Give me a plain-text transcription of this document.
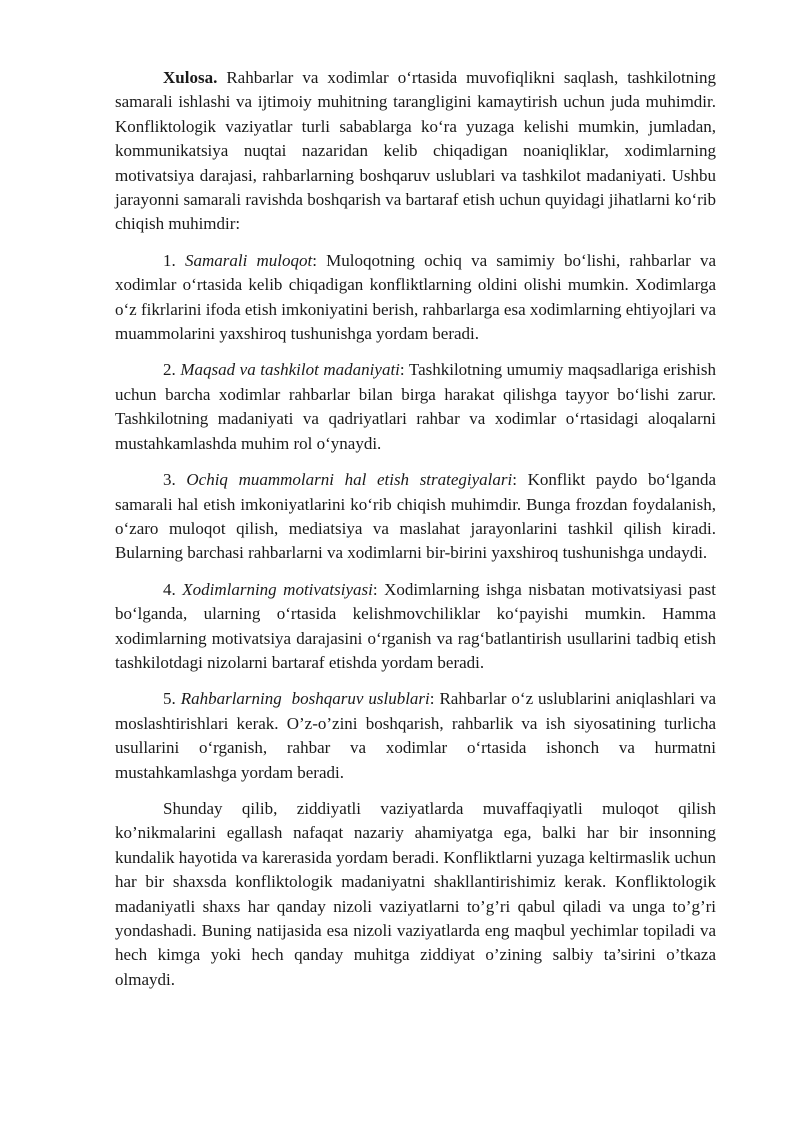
Xulosa. Rahbarlar va xodimlar o‘rtasida muvofiqlikni saqlash, tashkilotning samarali ishlashi va ijtimoiy muhitning tarangligini kamaytirish uchun juda muhimdir. Konfliktologik vaziyatlar turli sabablarga ko‘ra yuzaga kelishi mumkin, jumladan, kommunikatsiya nuqtai nazaridan kelib chiqadigan noaniqliklar, xodimlarning motivatsiya darajasi, rahbarlarning boshqaruv uslublari va tashkilot madaniyati. Ushbu jarayonni samarali ravishda boshqarish va bartaraf etish uchun quyidagi jihatlarni ko‘rib chiqish muhimdir:

1. Samarali muloqot: Muloqotning ochiq va samimiy bo‘lishi, rahbarlar va xodimlar o‘rtasida kelib chiqadigan konfliktlarning oldini olishi mumkin. Xodimlarga o‘z fikrlarini ifoda etish imkoniyatini berish, rahbarlarga esa xodimlarning ehtiyojlari va muammolarini yaxshiroq tushunishga yordam beradi.

2. Maqsad va tashkilot madaniyati: Tashkilotning umumiy maqsadlariga erishish uchun barcha xodimlar rahbarlar bilan birga harakat qilishga tayyor bo‘lishi zarur. Tashkilotning madaniyati va qadriyatlari rahbar va xodimlar o‘rtasidagi aloqalarni mustahkamlashda muhim rol o‘ynaydi.

3. Ochiq muammolarni hal etish strategiyalari: Konflikt paydo bo‘lganda samarali hal etish imkoniyatlarini ko‘rib chiqish muhimdir. Bunga frozdan foydalanish, o‘zaro muloqot qilish, mediatsiya va maslahat jarayonlarini tashkil qilish kiradi. Bularning barchasi rahbarlarni va xodimlarni bir-birini yaxshiroq tushunishga undaydi.

4. Xodimlarning motivatsiyasi: Xodimlarning ishga nisbatan motivatsiyasi past bo‘lganda, ularning o‘rtasida kelishmovchiliklar ko‘payishi mumkin. Hamma xodimlarning motivatsiya darajasini o‘rganish va rag‘batlantirish usullarini tadbiq etish tashkilotdagi nizolarni bartaraf etishda yordam beradi.

5. Rahbarlarning  boshqaruv uslublari: Rahbarlar o‘z uslublarini aniqlashlari va moslashtirishlari kerak. O’z-o’zini boshqarish, rahbarlik va ish siyosatining turlicha usullarini o‘rganish, rahbar va xodimlar o‘rtasida ishonch va hurmatni mustahkamlashga yordam beradi.

Shunday qilib, ziddiyatli vaziyatlarda muvaffaqiyatli muloqot qilish ko’nikmalarini egallash nafaqat nazariy ahamiyatga ega, balki har bir insonning kundalik hayotida va karerasida yordam beradi. Konfliktlarni yuzaga keltirmaslik uchun har bir shaxsda konfliktologik madaniyatni shakllantirishimiz kerak. Konfliktologik madaniyatli shaxs har qanday nizoli vaziyatlarni to’g’ri qabul qiladi va unga to’g’ri yondashadi. Buning natijasida esa nizoli vaziyatlarda eng maqbul yechimlar topiladi va hech kimga yoki hech qanday muhitga ziddiyat o’zining salbiy ta’sirini o’tkaza olmaydi.
